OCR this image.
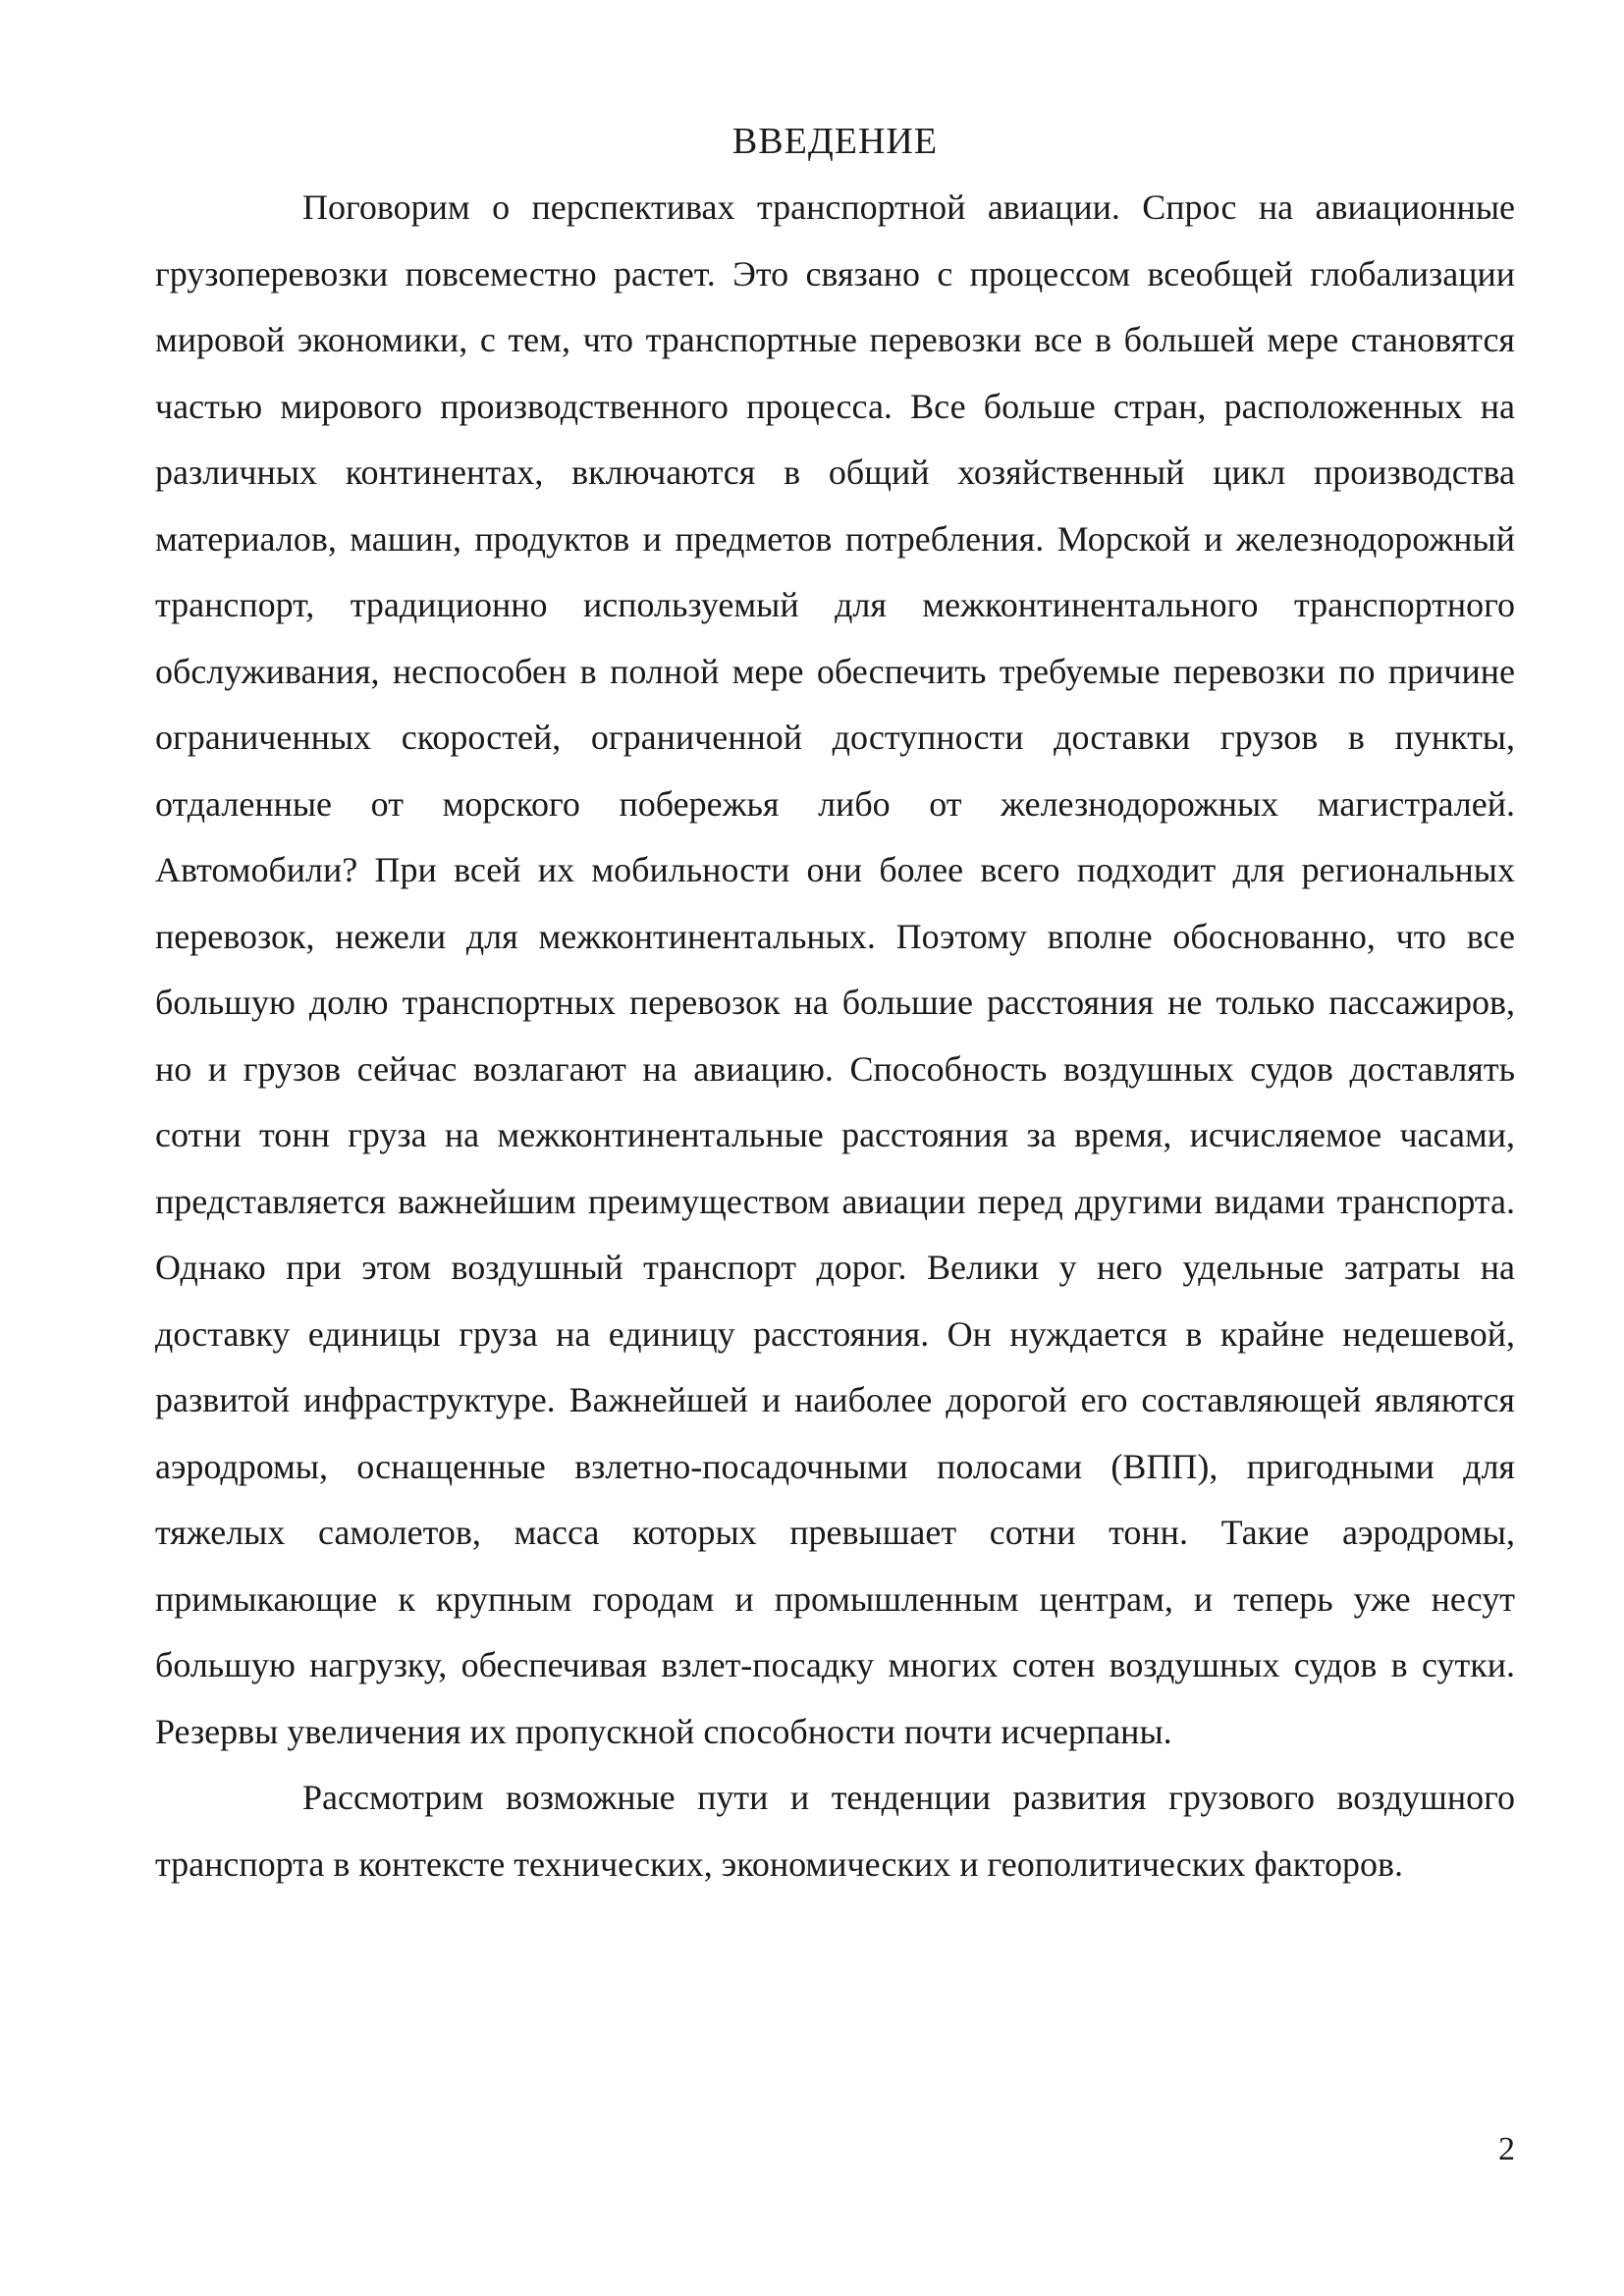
ВВЕДЕНИЕ

Поговорим о перспективах транспортной авиации. Спрос на авиационные грузоперевозки повсеместно растет. Это связано с процессом всеобщей глобализации мировой экономики, с тем, что транспортные перевозки все в большей мере становятся частью мирового производственного процесса. Все больше стран, расположенных на различных континентах, включаются в общий хозяйственный цикл производства материалов, машин, продуктов и предметов потребления. Морской и железнодорожный транспорт, традиционно используемый для межконтинентального транспортного обслуживания, неспособен в полной мере обеспечить требуемые перевозки по причине ограниченных скоростей, ограниченной доступности доставки грузов в пункты, отдаленные от морского побережья либо от железнодорожных магистралей. Автомобили? При всей их мобильности они более всего подходит для региональных перевозок, нежели для межконтинентальных. Поэтому вполне обоснованно, что все большую долю транспортных перевозок на большие расстояния не только пассажиров, но и грузов сейчас возлагают на авиацию. Способность воздушных судов доставлять сотни тонн груза на межконтинентальные расстояния за время, исчисляемое часами, представляется важнейшим преимуществом авиации перед другими видами транспорта. Однако при этом воздушный транспорт дорог. Велики у него удельные затраты на доставку единицы груза на единицу расстояния. Он нуждается в крайне недешевой, развитой инфраструктуре. Важнейшей и наиболее дорогой его составляющей являются аэродромы, оснащенные взлетно-посадочными полосами (ВПП), пригодными для тяжелых самолетов, масса которых превышает сотни тонн. Такие аэродромы, примыкающие к крупным городам и промышленным центрам, и теперь уже несут большую нагрузку, обеспечивая взлет-посадку многих сотен воздушных судов в сутки. Резервы увеличения их пропускной способности почти исчерпаны.

Рассмотрим возможные пути и тенденции развития грузового воздушного транспорта в контексте технических, экономических и геополитических факторов.

2
